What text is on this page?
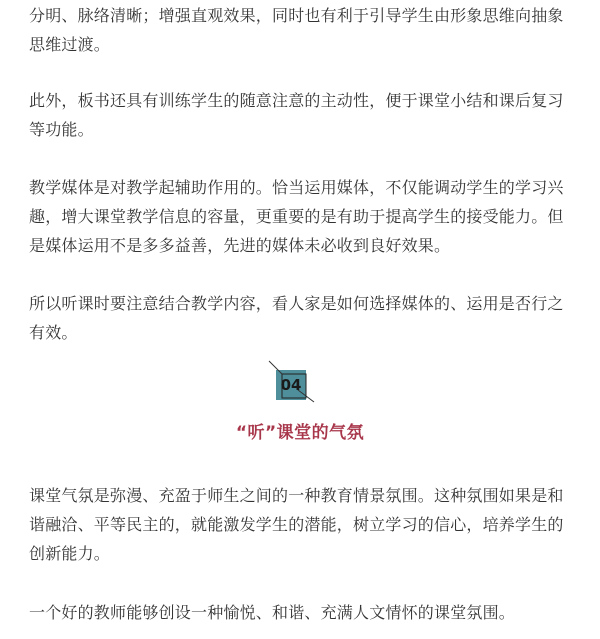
分明、脉络清晰；增强直观效果，同时也有利于引导学生由形象思维向抽象思维过渡。

此外，板书还具有训练学生的随意注意的主动性，便于课堂小结和课后复习等功能。

教学媒体是对教学起辅助作用的。恰当运用媒体，不仅能调动学生的学习兴趣，增大课堂教学信息的容量，更重要的是有助于提高学生的接受能力。但是媒体运用不是多多益善，先进的媒体未必收到良好效果。

所以听课时要注意结合教学内容，看人家是如何选择媒体的、运用是否行之有效。

课堂气氛是弥漫、充盈于师生之间的一种教育情景氛围。这种氛围如果是和谐融洽、平等民主的，就能激发学生的潜能，树立学习的信心，培养学生的创新能力。

一个好的教师能够创设一种愉悦、和谐、充满人文情怀的课堂氛围。

04
“听”课堂的气氛
